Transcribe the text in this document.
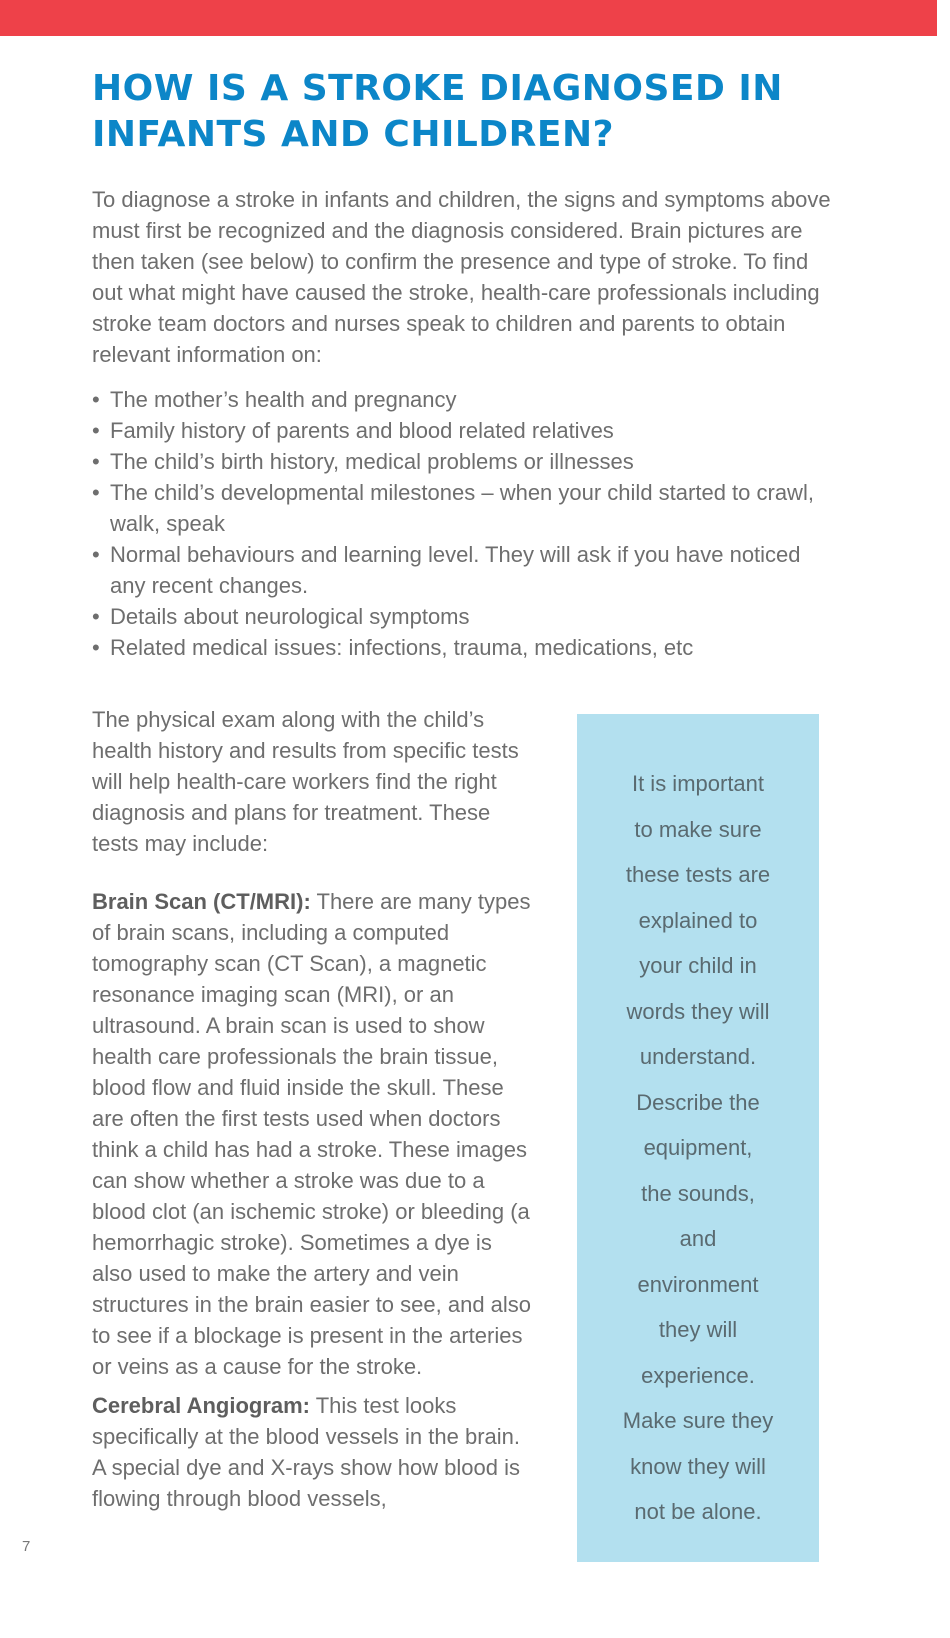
HOW IS A STROKE DIAGNOSED IN INFANTS AND CHILDREN?

To diagnose a stroke in infants and children, the signs and symptoms above must first be recognized and the diagnosis considered. Brain pictures are then taken (see below) to confirm the presence and type of stroke. To find out what might have caused the stroke, health-care professionals including stroke team doctors and nurses speak to children and parents to obtain relevant information on:

• The mother’s health and pregnancy
• Family history of parents and blood related relatives
• The child’s birth history, medical problems or illnesses
• The child’s developmental milestones – when your child started to crawl, walk, speak
• Normal behaviours and learning level. They will ask if you have noticed any recent changes.
• Details about neurological symptoms
• Related medical issues: infections, trauma, medications, etc

The physical exam along with the child’s health history and results from specific tests will help health-care workers find the right diagnosis and plans for treatment. These tests may include:

Brain Scan (CT/MRI): There are many types of brain scans, including a computed tomography scan (CT Scan), a magnetic resonance imaging scan (MRI), or an ultrasound. A brain scan is used to show health care professionals the brain tissue, blood flow and fluid inside the skull. These are often the first tests used when doctors think a child has had a stroke. These images can show whether a stroke was due to a blood clot (an ischemic stroke) or bleeding (a hemorrhagic stroke). Sometimes a dye is also used to make the artery and vein structures in the brain easier to see, and also to see if a blockage is present in the arteries or veins as a cause for the stroke.

Cerebral Angiogram: This test looks specifically at the blood vessels in the brain. A special dye and X-rays show how blood is flowing through blood vessels,

It is important
to make sure
these tests are
explained to
your child in
words they will
understand.
Describe the
equipment,
the sounds,
and
environment
they will
experience.
Make sure they
know they will
not be alone.
7
